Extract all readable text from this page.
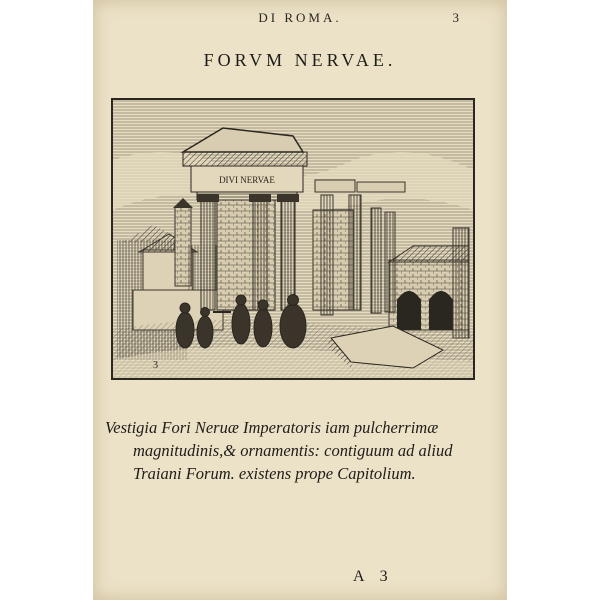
DI ROMA.	3
FORVM NERVAE.
DIVI NERVAE
3
Vestigia Fori Neruæ Imperatoris iam pulcherrimæ
magnitudinis,& ornamentis: contiguum ad aliud
Traiani Forum. existens prope Capitolium.
A 3
